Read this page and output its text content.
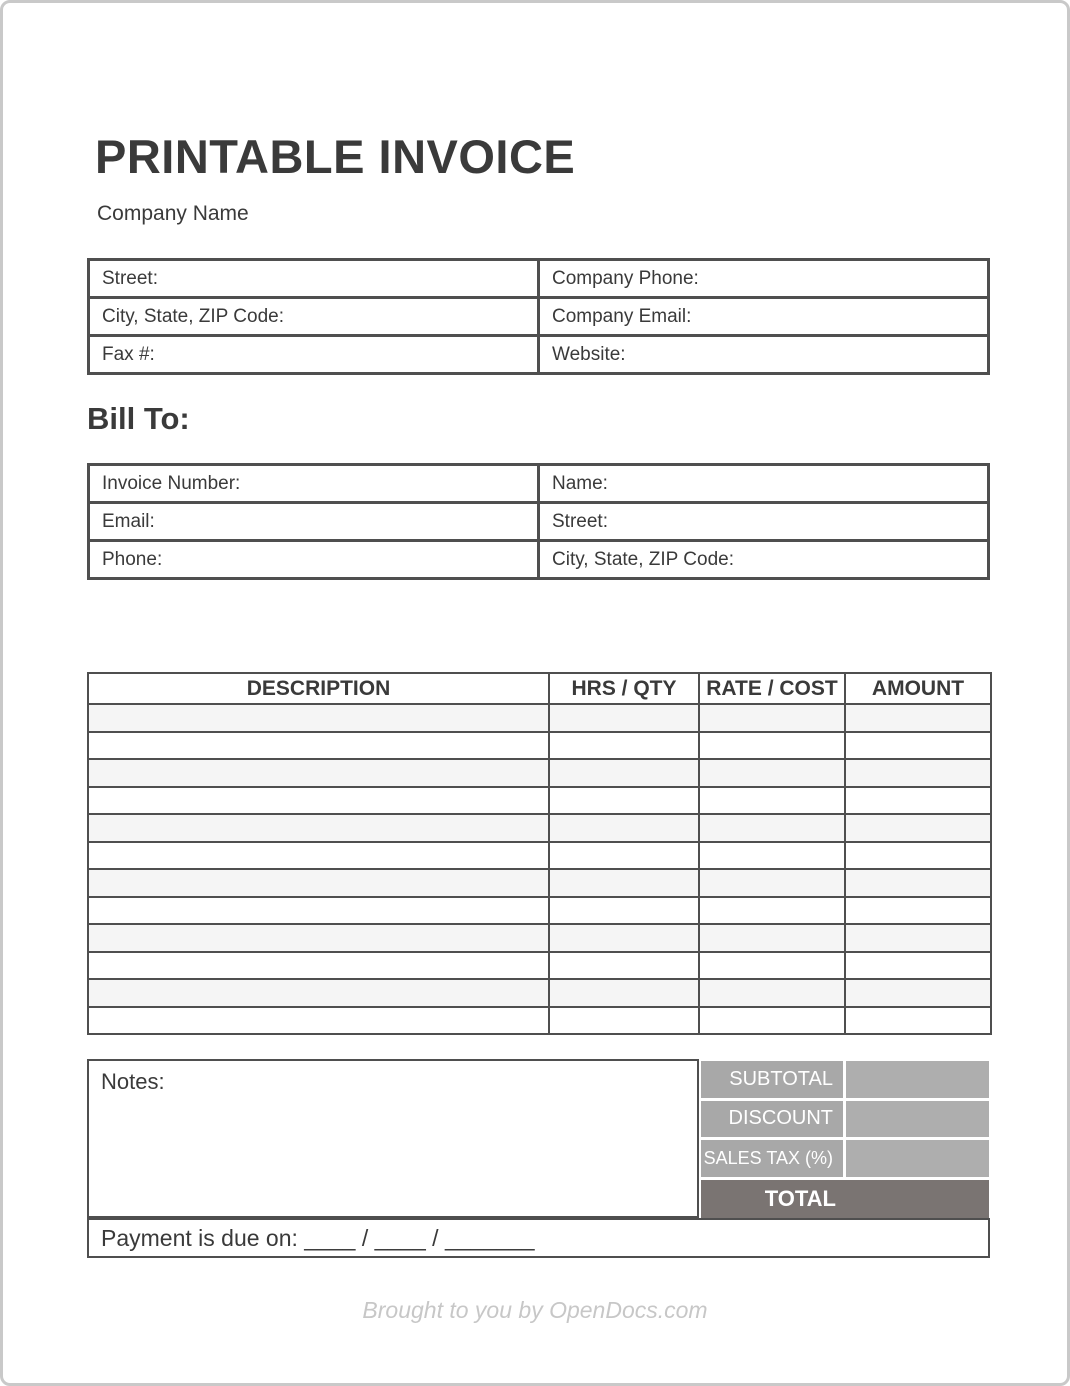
PRINTABLE INVOICE
Company Name
Street:	Company Phone:
City, State, ZIP Code:	Company Email:
Fax #:	Website:
Bill To:
Invoice Number:	Name:
Email:	Street:
Phone:	City, State, ZIP Code:
DESCRIPTION	HRS / QTY	RATE / COST	AMOUNT

Notes:	SUBTOTAL
DISCOUNT
SALES TAX (%)
TOTAL
Payment is due on: ____ / ____ / _______
Brought to you by OpenDocs.com
